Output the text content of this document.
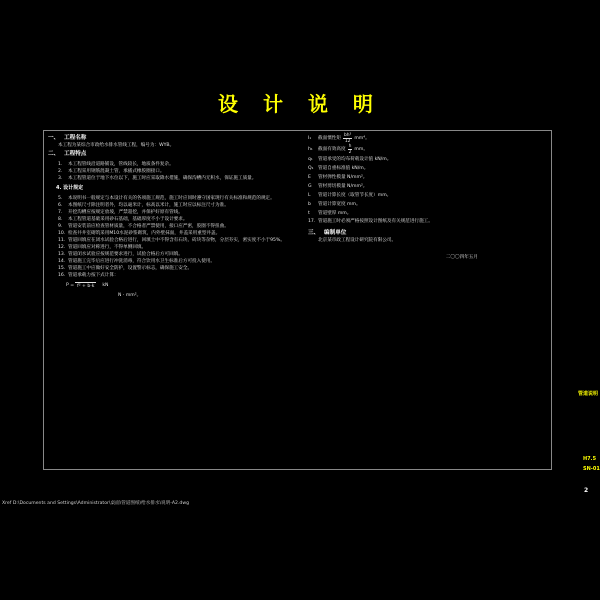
设 计 说 明
一、 工程名称
本工程为某综合市政给水排水管线工程，编号为：WYB。
二、 工程特点
1.	本工程管线沿道路铺设，管线较长，地质条件复杂。
2.	本工程采用钢筋混凝土管，承插式橡胶圈接口。
3.	本工程管道位于地下水位以下，施工时应采取降水措施，确保沟槽内无积水，保证施工质量。
4. 设计规定
5.	本说明书一般规定与本设计有关的各项施工规范，施工时应同时遵守国家现行有关标准和规范的规定。
6.	本图纸尺寸除注明者外，均以毫米计，标高以米计，施工时应以标注尺寸为准。
7.	开挖沟槽应按规定放坡，严禁超挖，并保护好原有管线。
8.	本工程管道基础采用砂石基础，基础厚度不小于设计要求。
9.	管道安装前应检查管材质量，不合格者严禁使用，接口应严密，胶圈不得扭曲。
10. 检查井井室砌筑采用M10水泥砂浆砌筑，内外壁抹面，井盖采用重型井盖。
11. 管道回填应在闭水试验合格后进行，回填土中不得含有石块、砖块等杂物，分层夯实，密实度不小于95%。
12. 管道回填应对称进行，不得单侧回填。
13. 管道闭水试验应按规范要求进行，试验合格后方可回填。
14. 管道施工完毕后应进行冲洗消毒，符合饮用水卫生标准后方可投入使用。
15. 管道施工中应做好安全防护，设置警示标志，确保施工安全。
16. 管道承载力按下式计算：
P = f² + b·k	kN
N · mm²。
I₁	截面惯性矩 $\frac{\text{bh³}}{12} mm^4$。
h₁	截面有效高度 $\frac{h}{2}$ mm。
q₁	管道承受的均布荷载设计值 kN/m。
Q₁ 管道自重标准值 kN/m。
E	管材弹性模量 N/mm²。
G	管材剪切模量 N/mm²。
L	管道计算长度（取管节长度）mm。
b	管道计算宽度 mm。
t	管道壁厚 mm。
17. 管道施工时必须严格按照设计图纸及有关规范进行施工。
三、 编制单位
北京某市政工程设计研究院有限公司。
二〇〇四年五月
管道说明
H7.5
SN-01
2
Xref D:\Documents and Settings\Administrator\桌面\管道图纸\给水排水\说明-A2.dwg
